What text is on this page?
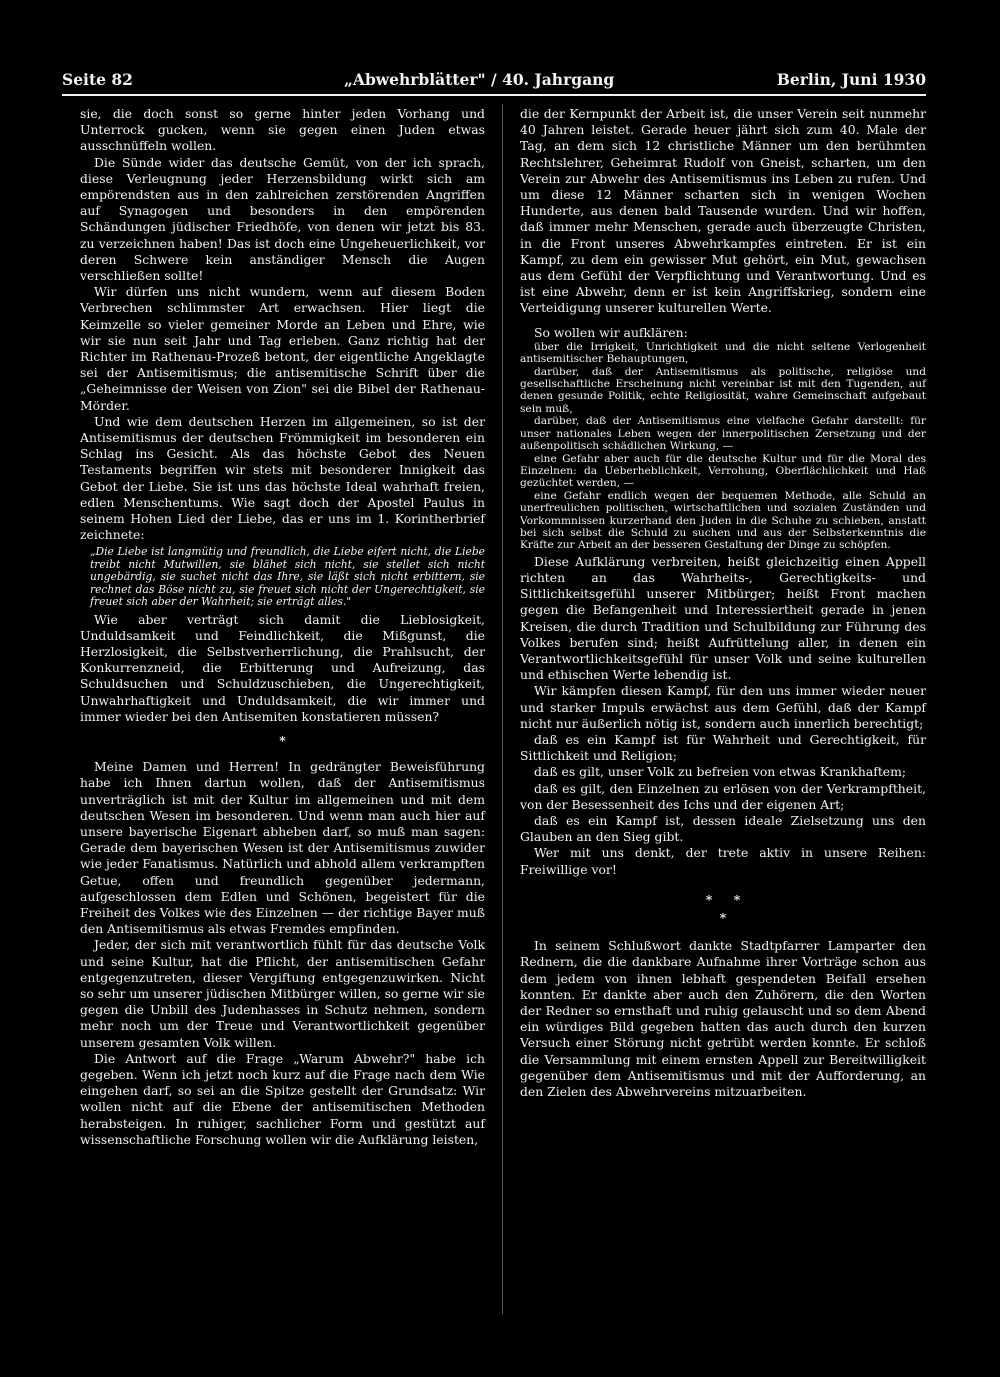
Seite 82	„Abwehrblätter" / 40. Jahrgang	Berlin, Juni 1930

sie, die doch sonst so gerne hinter jeden Vorhang und Unterrock gucken, wenn sie gegen einen Juden etwas ausschnüffeln wollen.

Die Sünde wider das deutsche Gemüt, von der ich sprach, diese Verleugnung jeder Herzensbildung wirkt sich am empörendsten aus in den zahlreichen zerstörenden Angriffen auf Synagogen und besonders in den empörenden Schändungen jüdischer Friedhöfe, von denen wir jetzt bis 83. zu verzeichnen haben! Das ist doch eine Ungeheuerlichkeit, vor deren Schwere kein anständiger Mensch die Augen verschließen sollte!

Wir dürfen uns nicht wundern, wenn auf diesem Boden Verbrechen schlimmster Art erwachsen. Hier liegt die Keimzelle so vieler gemeiner Morde an Leben und Ehre, wie wir sie nun seit Jahr und Tag erleben. Ganz richtig hat der Richter im Rathenau-Prozeß betont, der eigentliche Angeklagte sei der Antisemitismus; die antisemitische Schrift über die „Geheimnisse der Weisen von Zion" sei die Bibel der Rathenau-Mörder.

Und wie dem deutschen Herzen im allgemeinen, so ist der Antisemitismus der deutschen Frömmigkeit im besonderen ein Schlag ins Gesicht. Als das höchste Gebot des Neuen Testaments begriffen wir stets mit besonderer Innigkeit das Gebot der Liebe. Sie ist uns das höchste Ideal wahrhaft freien, edlen Menschentums. Wie sagt doch der Apostel Paulus in seinem Hohen Lied der Liebe, das er uns im 1. Korintherbrief zeichnete:

„Die Liebe ist langmütig und freundlich, die Liebe eifert nicht, die Liebe treibt nicht Mutwillen, sie blähet sich nicht, sie stellet sich nicht ungebärdig, sie suchet nicht das Ihre, sie läßt sich nicht erbittern, sie rechnet das Böse nicht zu, sie freuet sich nicht der Ungerechtigkeit, sie freuet sich aber der Wahrheit; sie erträgt alles."

Wie aber verträgt sich damit die Lieblosigkeit, Unduldsamkeit und Feindlichkeit, die Mißgunst, die Herzlosigkeit, die Selbstverherrlichung, die Prahlsucht, der Konkurrenzneid, die Erbitterung und Aufreizung, das Schuldsuchen und Schuldzuschieben, die Ungerechtigkeit, Unwahrhaftigkeit und Unduldsamkeit, die wir immer und immer wieder bei den Antisemiten konstatieren müssen?

*

Meine Damen und Herren! In gedrängter Beweisführung habe ich Ihnen dartun wollen, daß der Antisemitismus unverträglich ist mit der Kultur im allgemeinen und mit dem deutschen Wesen im besonderen. Und wenn man auch hier auf unsere bayerische Eigenart abheben darf, so muß man sagen: Gerade dem bayerischen Wesen ist der Antisemitismus zuwider wie jeder Fanatismus. Natürlich und abhold allem verkrampften Getue, offen und freundlich gegenüber jedermann, aufgeschlossen dem Edlen und Schönen, begeistert für die Freiheit des Volkes wie des Einzelnen — der richtige Bayer muß den Antisemitismus als etwas Fremdes empfinden.

Jeder, der sich mit verantwortlich fühlt für das deutsche Volk und seine Kultur, hat die Pflicht, der antisemitischen Gefahr entgegenzutreten, dieser Vergiftung entgegenzuwirken. Nicht so sehr um unserer jüdischen Mitbürger willen, so gerne wir sie gegen die Unbill des Judenhasses in Schutz nehmen, sondern mehr noch um der Treue und Verantwortlichkeit gegenüber unserem gesamten Volk willen.

Die Antwort auf die Frage „Warum Abwehr?" habe ich gegeben. Wenn ich jetzt noch kurz auf die Frage nach dem Wie eingehen darf, so sei an die Spitze gestellt der Grundsatz: Wir wollen nicht auf die Ebene der antisemitischen Methoden herabsteigen. In ruhiger, sachlicher Form und gestützt auf wissenschaftliche Forschung wollen wir die Aufklärung leisten,

die der Kernpunkt der Arbeit ist, die unser Verein seit nunmehr 40 Jahren leistet. Gerade heuer jährt sich zum 40. Male der Tag, an dem sich 12 christliche Männer um den berühmten Rechtslehrer, Geheimrat Rudolf von Gneist, scharten, um den Verein zur Abwehr des Antisemitismus ins Leben zu rufen. Und um diese 12 Männer scharten sich in wenigen Wochen Hunderte, aus denen bald Tausende wurden. Und wir hoffen, daß immer mehr Menschen, gerade auch überzeugte Christen, in die Front unseres Abwehrkampfes eintreten. Er ist ein Kampf, zu dem ein gewisser Mut gehört, ein Mut, gewachsen aus dem Gefühl der Verpflichtung und Verantwortung. Und es ist eine Abwehr, denn er ist kein Angriffskrieg, sondern eine Verteidigung unserer kulturellen Werte.

So wollen wir aufklären:

über die Irrigkeit, Unrichtigkeit und die nicht seltene Verlogenheit antisemitischer Behauptungen,

darüber, daß der Antisemitismus als politische, religiöse und gesellschaftliche Erscheinung nicht vereinbar ist mit den Tugenden, auf denen gesunde Politik, echte Religiosität, wahre Gemeinschaft aufgebaut sein muß,

darüber, daß der Antisemitismus eine vielfache Gefahr darstellt: für unser nationales Leben wegen der innerpolitischen Zersetzung und der außenpolitisch schädlichen Wirkung, —

eine Gefahr aber auch für die deutsche Kultur und für die Moral des Einzelnen: da Ueberheblichkeit, Verrohung, Oberflächlichkeit und Haß gezüchtet werden, —

eine Gefahr endlich wegen der bequemen Methode, alle Schuld an unerfreulichen politischen, wirtschaftlichen und sozialen Zuständen und Vorkommnissen kurzerhand den Juden in die Schuhe zu schieben, anstatt bei sich selbst die Schuld zu suchen und aus der Selbsterkenntnis die Kräfte zur Arbeit an der besseren Gestaltung der Dinge zu schöpfen.

Diese Aufklärung verbreiten, heißt gleichzeitig einen Appell richten an das Wahrheits-, Gerechtigkeits- und Sittlichkeitsgefühl unserer Mitbürger; heißt Front machen gegen die Befangenheit und Interessiertheit gerade in jenen Kreisen, die durch Tradition und Schulbildung zur Führung des Volkes berufen sind; heißt Aufrüttelung aller, in denen ein Verantwortlichkeitsgefühl für unser Volk und seine kulturellen und ethischen Werte lebendig ist.

Wir kämpfen diesen Kampf, für den uns immer wieder neuer und starker Impuls erwächst aus dem Gefühl, daß der Kampf nicht nur äußerlich nötig ist, sondern auch innerlich berechtigt;

daß es ein Kampf ist für Wahrheit und Gerechtigkeit, für Sittlichkeit und Religion;

daß es gilt, unser Volk zu befreien von etwas Krankhaftem;

daß es gilt, den Einzelnen zu erlösen von der Verkrampftheit, von der Besessenheit des Ichs und der eigenen Art;

daß es ein Kampf ist, dessen ideale Zielsetzung uns den Glauben an den Sieg gibt.

Wer mit uns denkt, der trete aktiv in unsere Reihen: Freiwillige vor!

*     *

*

In seinem Schlußwort dankte Stadtpfarrer Lamparter den Rednern, die die dankbare Aufnahme ihrer Vorträge schon aus dem jedem von ihnen lebhaft gespendeten Beifall ersehen konnten. Er dankte aber auch den Zuhörern, die den Worten der Redner so ernsthaft und ruhig gelauscht und so dem Abend ein würdiges Bild gegeben hatten das auch durch den kurzen Versuch einer Störung nicht getrübt werden konnte. Er schloß die Versammlung mit einem ernsten Appell zur Bereitwilligkeit gegenüber dem Antisemitismus und mit der Aufforderung, an den Zielen des Abwehrvereins mitzuarbeiten.
